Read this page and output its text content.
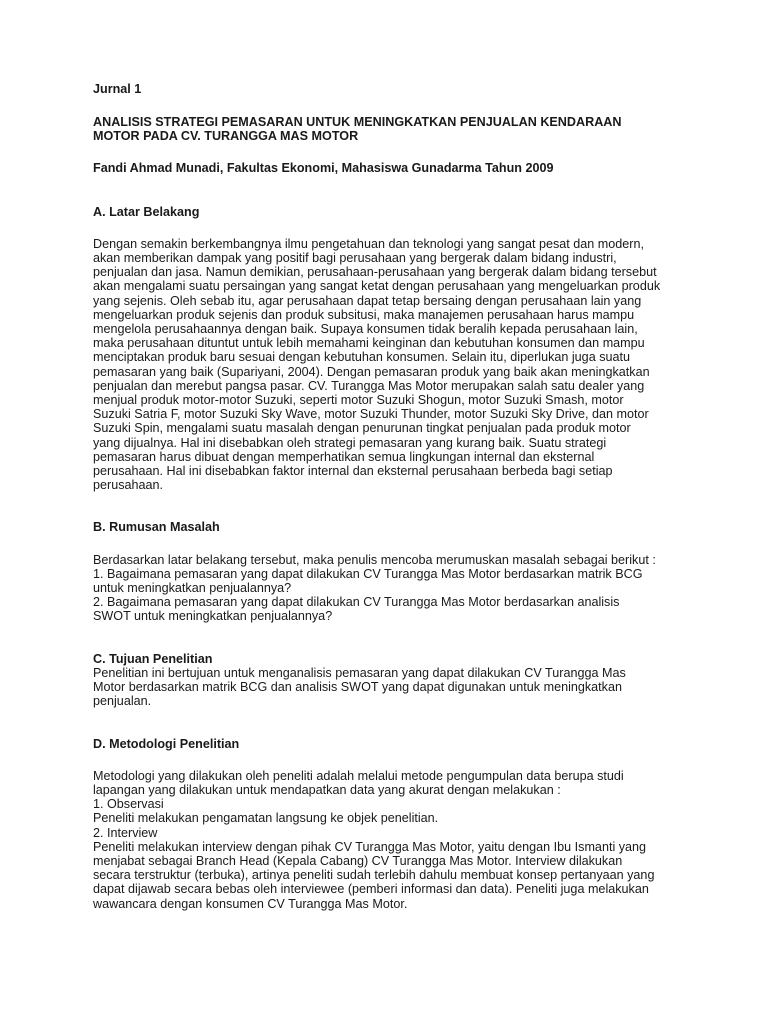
Jurnal 1

ANALISIS STRATEGI PEMASARAN UNTUK MENINGKATKAN PENJUALAN KENDARAAN
MOTOR PADA CV. TURANGGA MAS MOTOR

Fandi Ahmad Munadi, Fakultas Ekonomi, Mahasiswa Gunadarma Tahun 2009

A. Latar Belakang

Dengan semakin berkembangnya ilmu pengetahuan dan teknologi yang sangat pesat dan modern,
akan memberikan dampak yang positif bagi perusahaan yang bergerak dalam bidang industri,
penjualan dan jasa. Namun demikian, perusahaan-perusahaan yang bergerak dalam bidang tersebut
akan mengalami suatu persaingan yang sangat ketat dengan perusahaan yang mengeluarkan produk
yang sejenis. Oleh sebab itu, agar perusahaan dapat tetap bersaing dengan perusahaan lain yang
mengeluarkan produk sejenis dan produk subsitusi, maka manajemen perusahaan harus mampu
mengelola perusahaannya dengan baik. Supaya konsumen tidak beralih kepada perusahaan lain,
maka perusahaan dituntut untuk lebih memahami keinginan dan kebutuhan konsumen dan mampu
menciptakan produk baru sesuai dengan kebutuhan konsumen. Selain itu, diperlukan juga suatu
pemasaran yang baik (Supariyani, 2004). Dengan pemasaran produk yang baik akan meningkatkan
penjualan dan merebut pangsa pasar. CV. Turangga Mas Motor merupakan salah satu dealer yang
menjual produk motor-motor Suzuki, seperti motor Suzuki Shogun, motor Suzuki Smash, motor
Suzuki Satria F, motor Suzuki Sky Wave, motor Suzuki Thunder, motor Suzuki Sky Drive, dan motor
Suzuki Spin, mengalami suatu masalah dengan penurunan tingkat penjualan pada produk motor
yang dijualnya. Hal ini disebabkan oleh strategi pemasaran yang kurang baik. Suatu strategi
pemasaran harus dibuat dengan memperhatikan semua lingkungan internal dan eksternal
perusahaan. Hal ini disebabkan faktor internal dan eksternal perusahaan berbeda bagi setiap
perusahaan.

B. Rumusan Masalah

Berdasarkan latar belakang tersebut, maka penulis mencoba merumuskan masalah sebagai berikut :
1. Bagaimana pemasaran yang dapat dilakukan CV Turangga Mas Motor berdasarkan matrik BCG
untuk meningkatkan penjualannya?
2. Bagaimana pemasaran yang dapat dilakukan CV Turangga Mas Motor berdasarkan analisis
SWOT untuk meningkatkan penjualannya?

C. Tujuan Penelitian

Penelitian ini bertujuan untuk menganalisis pemasaran yang dapat dilakukan CV Turangga Mas
Motor berdasarkan matrik BCG dan analisis SWOT yang dapat digunakan untuk meningkatkan
penjualan.

D. Metodologi Penelitian

Metodologi yang dilakukan oleh peneliti adalah melalui metode pengumpulan data berupa studi
lapangan yang dilakukan untuk mendapatkan data yang akurat dengan melakukan :
1. Observasi
Peneliti melakukan pengamatan langsung ke objek penelitian.
2. Interview
Peneliti melakukan interview dengan pihak CV Turangga Mas Motor, yaitu dengan Ibu Ismanti yang
menjabat sebagai Branch Head (Kepala Cabang) CV Turangga Mas Motor. Interview dilakukan
secara terstruktur (terbuka), artinya peneliti sudah terlebih dahulu membuat konsep pertanyaan yang
dapat dijawab secara bebas oleh interviewee (pemberi informasi dan data). Peneliti juga melakukan
wawancara dengan konsumen CV Turangga Mas Motor.
